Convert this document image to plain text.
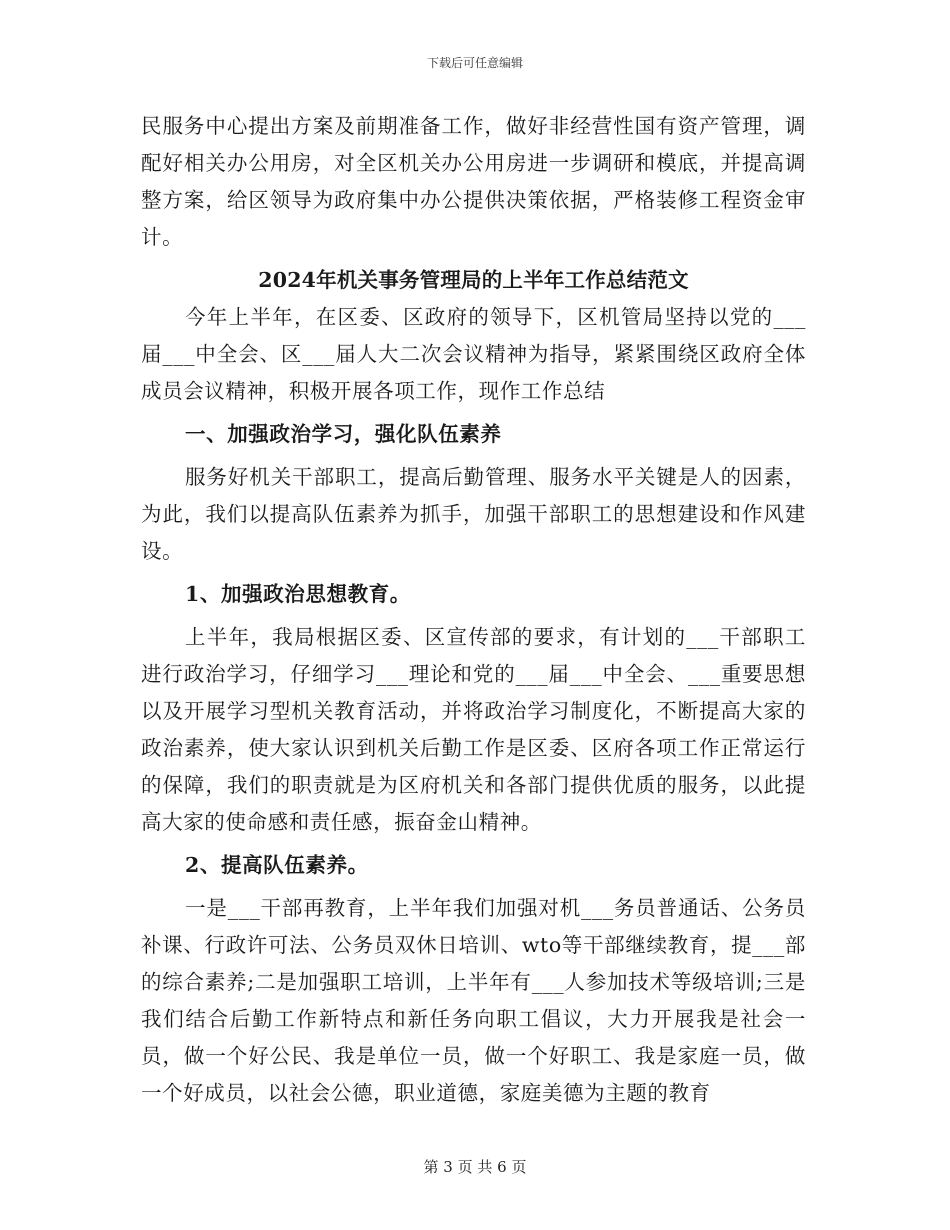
下载后可任意编辑

民服务中心提出方案及前期准备工作，做好非经营性国有资产管理，调配好相关办公用房，对全区机关办公用房进一步调研和模底，并提高调整方案，给区领导为政府集中办公提供决策依据，严格装修工程资金审计。

2024年机关事务管理局的上半年工作总结范文

今年上半年，在区委、区政府的领导下，区机管局坚持以党的___届___中全会、区___届人大二次会议精神为指导，紧紧围绕区政府全体成员会议精神，积极开展各项工作，现作工作总结

一、加强政治学习，强化队伍素养

服务好机关干部职工，提高后勤管理、服务水平关键是人的因素，为此，我们以提高队伍素养为抓手，加强干部职工的思想建设和作风建设。

1、加强政治思想教育。

上半年，我局根据区委、区宣传部的要求，有计划的___干部职工进行政治学习，仔细学习___理论和党的___届___中全会、___重要思想以及开展学习型机关教育活动，并将政治学习制度化，不断提高大家的政治素养，使大家认识到机关后勤工作是区委、区府各项工作正常运行的保障，我们的职责就是为区府机关和各部门提供优质的服务，以此提高大家的使命感和责任感，振奋金山精神。

2、提高队伍素养。

一是___干部再教育，上半年我们加强对机___务员普通话、公务员补课、行政许可法、公务员双休日培训、wto等干部继续教育，提___部的综合素养;二是加强职工培训，上半年有___人参加技术等级培训;三是我们结合后勤工作新特点和新任务向职工倡议，大力开展我是社会一员，做一个好公民、我是单位一员，做一个好职工、我是家庭一员，做一个好成员，以社会公德，职业道德，家庭美德为主题的教育

第 3 页 共 6 页
